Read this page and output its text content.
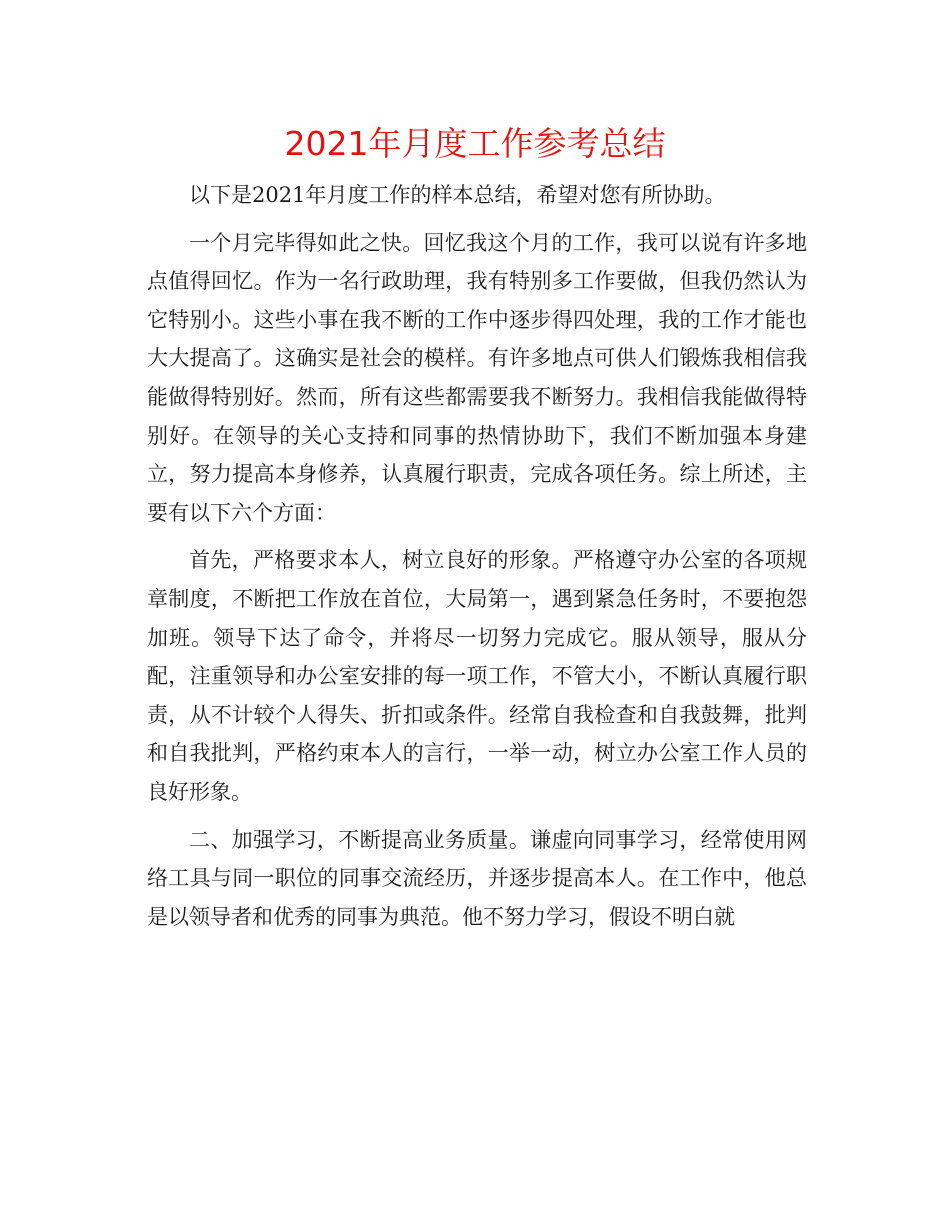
2021年月度工作参考总结

以下是2021年月度工作的样本总结，希望对您有所协助。

一个月完毕得如此之快。回忆我这个月的工作，我可以说有许多地点值得回忆。作为一名行政助理，我有特别多工作要做，但我仍然认为它特别小。这些小事在我不断的工作中逐步得四处理，我的工作才能也大大提高了。这确实是社会的模样。有许多地点可供人们锻炼我相信我能做得特别好。然而，所有这些都需要我不断努力。我相信我能做得特别好。在领导的关心支持和同事的热情协助下，我们不断加强本身建立，努力提高本身修养，认真履行职责，完成各项任务。综上所述，主要有以下六个方面：

首先，严格要求本人，树立良好的形象。严格遵守办公室的各项规章制度，不断把工作放在首位，大局第一，遇到紧急任务时，不要抱怨加班。领导下达了命令，并将尽一切努力完成它。服从领导，服从分配，注重领导和办公室安排的每一项工作，不管大小，不断认真履行职责，从不计较个人得失、折扣或条件。经常自我检查和自我鼓舞，批判和自我批判，严格约束本人的言行，一举一动，树立办公室工作人员的良好形象。

二、加强学习，不断提高业务质量。谦虚向同事学习，经常使用网络工具与同一职位的同事交流经历，并逐步提高本人。在工作中，他总是以领导者和优秀的同事为典范。他不努力学习，假设不明白就
